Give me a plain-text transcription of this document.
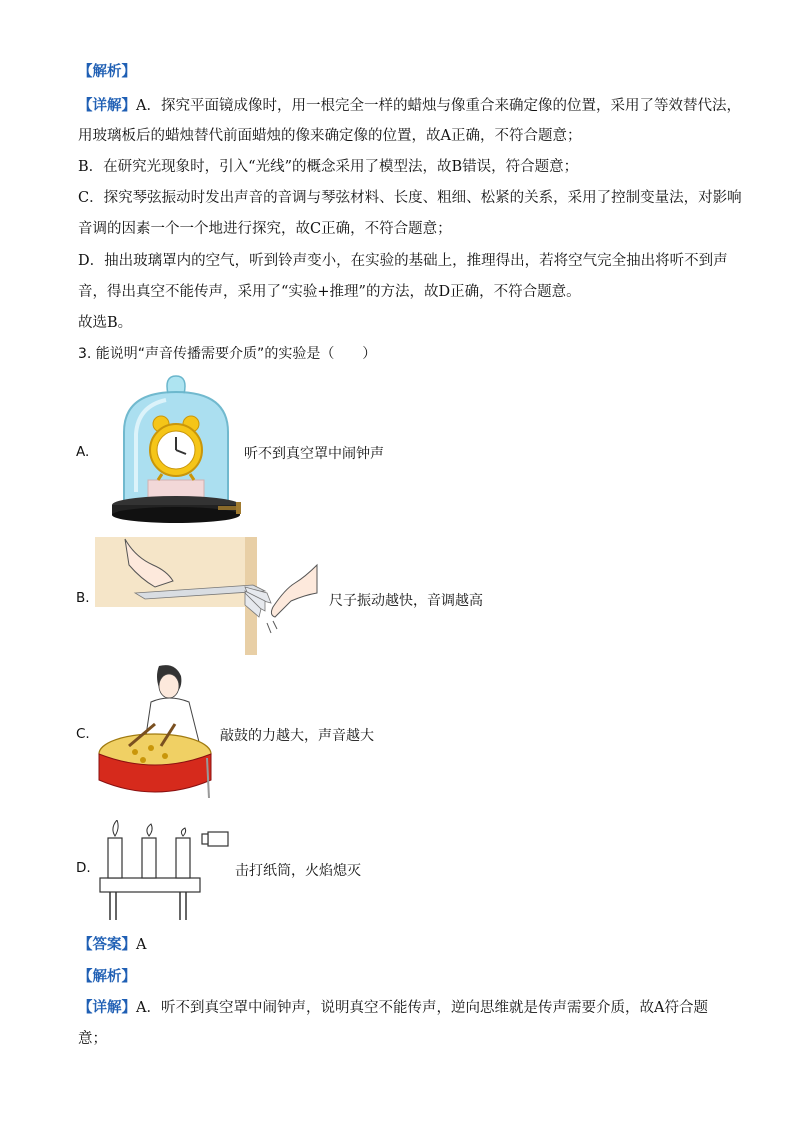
【解析】
【详解】A．探究平面镜成像时，用一根完全一样的蜡烛与像重合来确定像的位置，采用了等效替代法，
用玻璃板后的蜡烛替代前面蜡烛的像来确定像的位置，故A正确，不符合题意；
B．在研究光现象时，引入“光线”的概念采用了模型法，故B错误，符合题意；
C．探究琴弦振动时发出声音的音调与琴弦材料、长度、粗细、松紧的关系，采用了控制变量法，对影响
音调的因素一个一个地进行探究，故C正确，不符合题意；
D．抽出玻璃罩内的空气，听到铃声变小，在实验的基础上，推理得出，若将空气完全抽出将听不到声
音，得出真空不能传声，采用了“实验+推理”的方法，故D正确，不符合题意。
故选B。
3. 能说明“声音传播需要介质”的实验是（　　）
A.	听不到真空罩中闹钟声
B.	尺子振动越快，音调越高
C.	敲鼓的力越大，声音越大
D.	击打纸筒，火焰熄灭
【答案】A
【解析】
【详解】A．听不到真空罩中闹钟声，说明真空不能传声，逆向思维就是传声需要介质，故A符合题
意；
